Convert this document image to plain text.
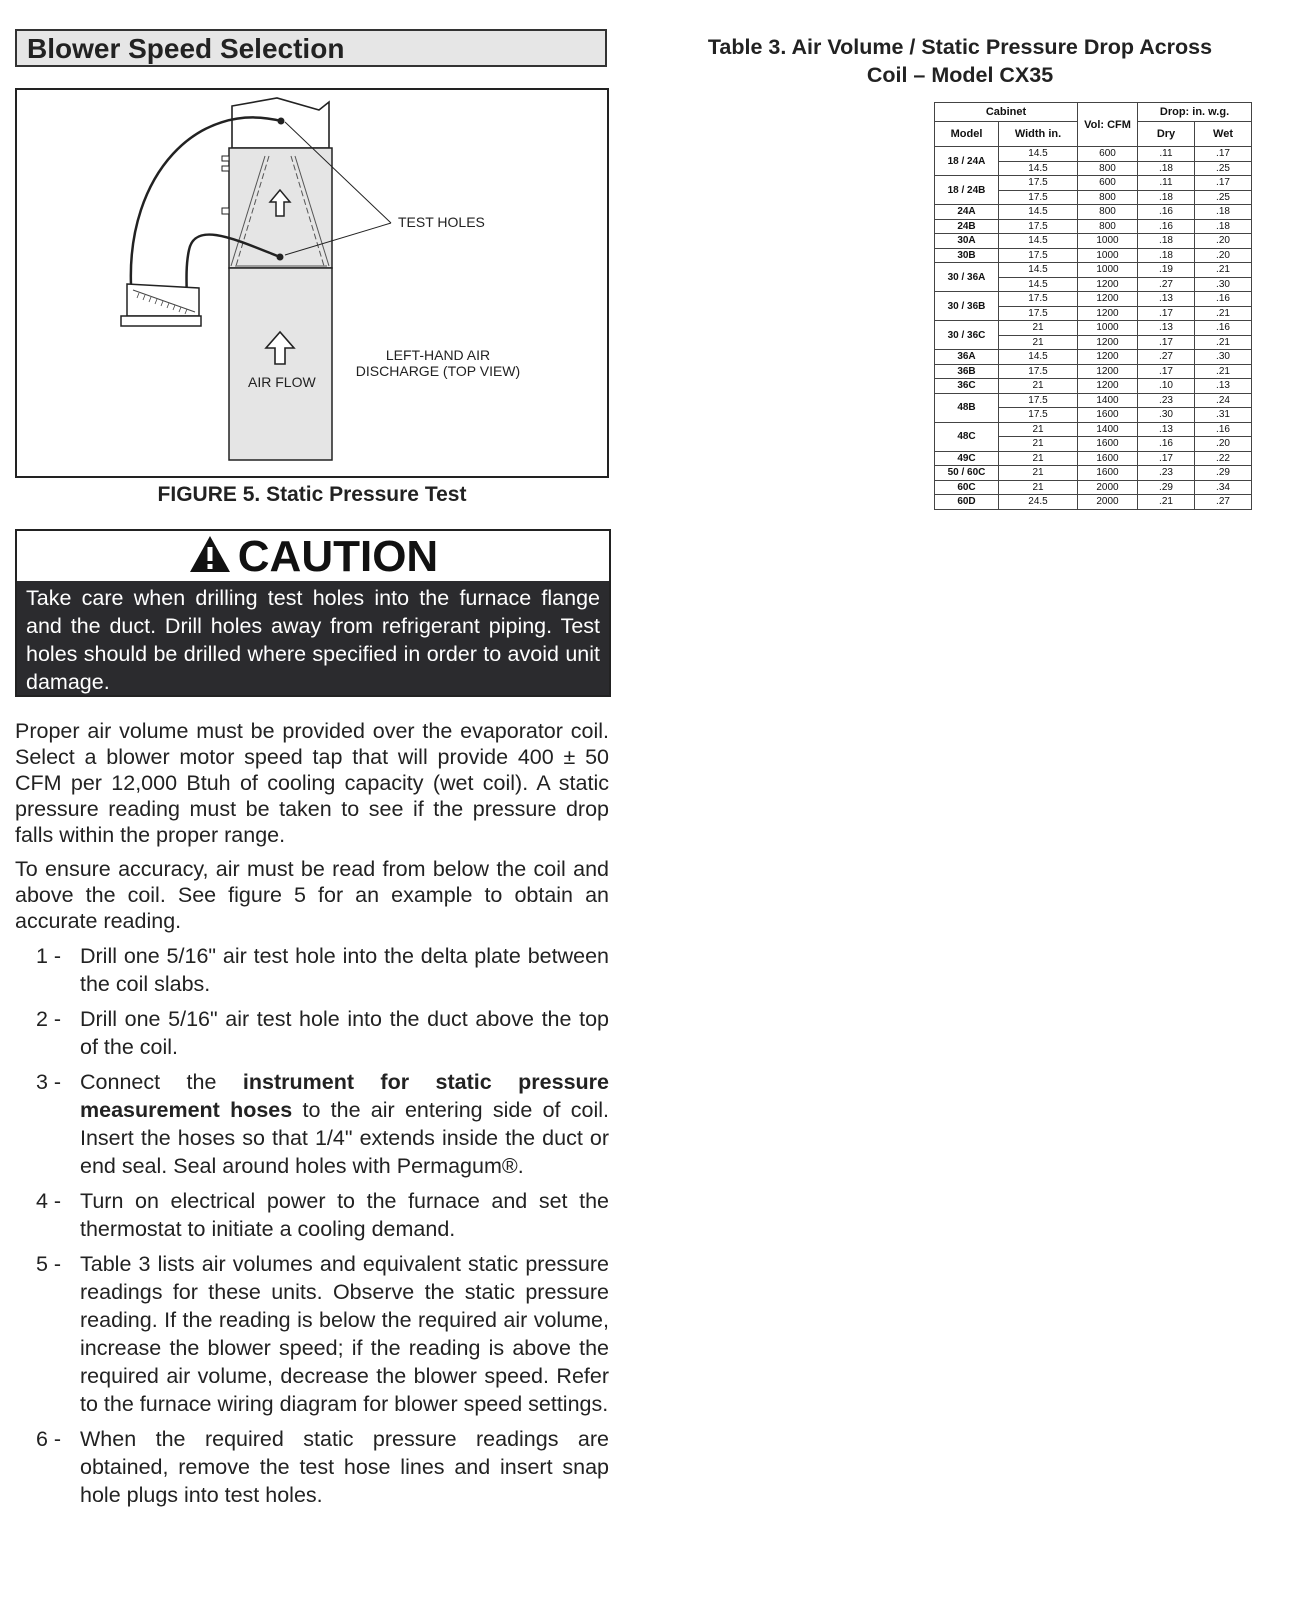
Blower Speed Selection
TEST HOLES
AIR FLOW
LEFT-HAND AIR
DISCHARGE (TOP VIEW)
FIGURE 5. Static Pressure Test
CAUTION
Take care when drilling test holes into the furnace flange and the duct. Drill holes away from refrigerant piping. Test holes should be drilled where specified in order to avoid unit damage.

Proper air volume must be provided over the evaporator coil. Select a blower motor speed tap that will provide 400 ± 50 CFM per 12,000 Btuh of cooling capacity (wet coil). A static pressure reading must be taken to see if the pressure drop falls within the proper range.

To ensure accuracy, air must be read from below the coil and above the coil. See figure 5 for an example to obtain an accurate reading.

1 - Drill one 5/16" air test hole into the delta plate between the coil slabs.
2 - Drill one 5/16" air test hole into the duct above the top of the coil.
3 - Connect the instrument for static pressure measurement hoses to the air entering side of coil. Insert the hoses so that 1/4" extends inside the duct or end seal. Seal around holes with Permagum®.
4 - Turn on electrical power to the furnace and set the thermostat to initiate a cooling demand.
5 - Table 3 lists air volumes and equivalent static pressure readings for these units. Observe the static pressure reading. If the reading is below the required air volume, increase the blower speed; if the reading is above the required air volume, decrease the blower speed. Refer to the furnace wiring diagram for blower speed settings.
6 - When the required static pressure readings are obtained, remove the test hose lines and insert snap hole plugs into test holes.
Table 3. Air Volume / Static Pressure Drop Across
Coil – Model CX35
Cabinet		Vol: CFM	Drop: in. w.g.	
Model	Width in.		Dry	Wet
18 / 24A	14.5	600	.11	.17
	14.5	800	.18	.25
18 / 24B	17.5	600	.11	.17
	17.5	800	.18	.25
24A	14.5	800	.16	.18
24B	17.5	800	.16	.18
30A	14.5	1000	.18	.20
30B	17.5	1000	.18	.20
30 / 36A	14.5	1000	.19	.21
	14.5	1200	.27	.30
30 / 36B	17.5	1200	.13	.16
	17.5	1200	.17	.21
30 / 36C	21	1000	.13	.16
	21	1200	.17	.21
36A	14.5	1200	.27	.30
36B	17.5	1200	.17	.21
36C	21	1200	.10	.13
48B	17.5	1400	.23	.24
	17.5	1600	.30	.31
48C	21	1400	.13	.16
	21	1600	.16	.20
49C	21	1600	.17	.22
50 / 60C	21	1600	.23	.29
60C	21	2000	.29	.34
60D	24.5	2000	.21	.27
